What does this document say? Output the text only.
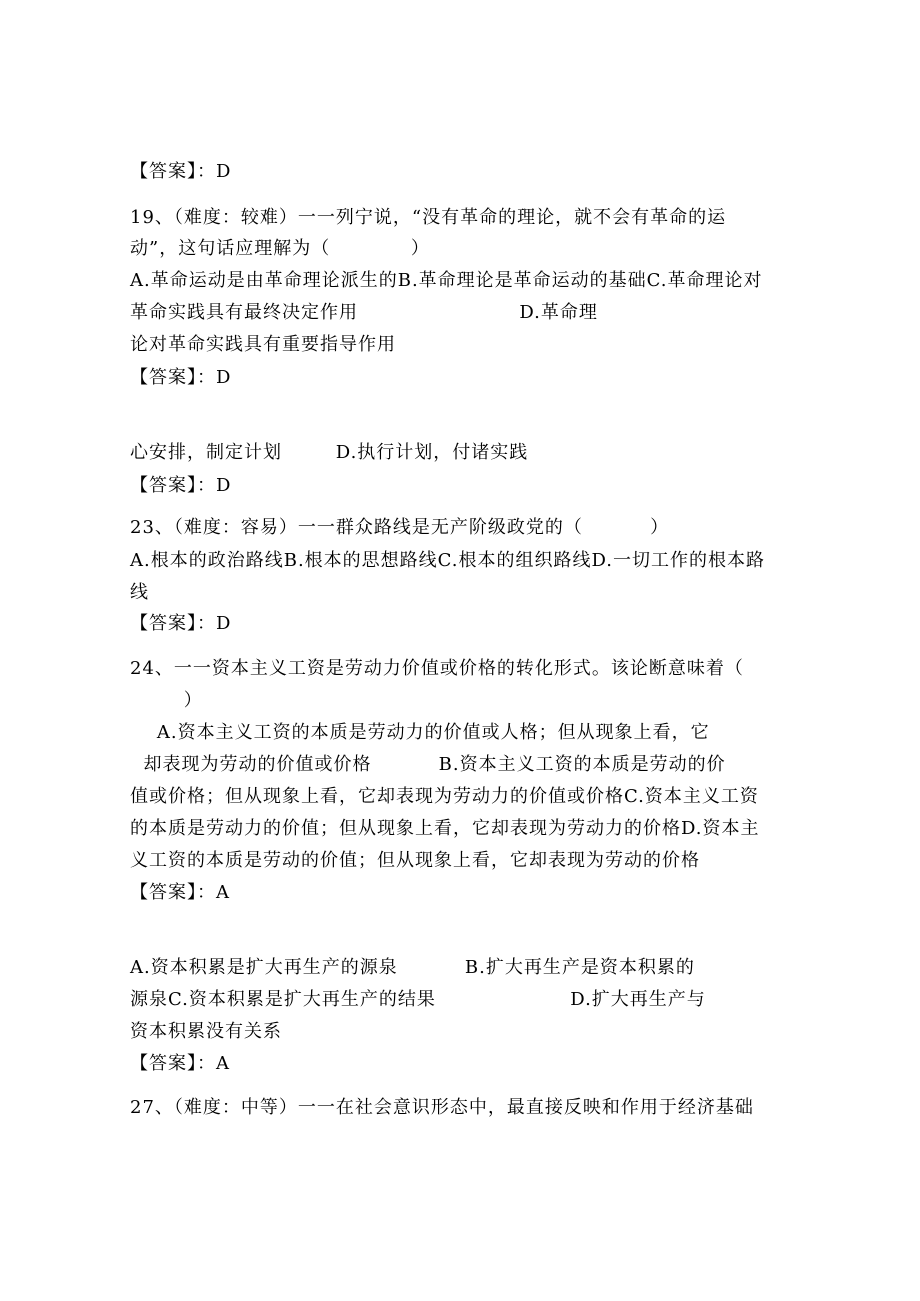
【答案】：D
19、（难度：较难）一一列宁说，“没有革命的理论，就不会有革命的运
动”，这句话应理解为（            ）
A.革命运动是由革命理论派生的B.革命理论是革命运动的基础C.革命理论对
革命实践具有最终决定作用                        D.革命理
论对革命实践具有重要指导作用
【答案】：D
心安排，制定计划        D.执行计划，付诸实践
【答案】：D
23、（难度：容易）一一群众路线是无产阶级政党的（          ）
A.根本的政治路线B.根本的思想路线C.根本的组织路线D.一切工作的根本路
线
【答案】：D
24、一一资本主义工资是劳动力价值或价格的转化形式。该论断意味着（
）
A.资本主义工资的本质是劳动力的价值或人格；但从现象上看，它
却表现为劳动的价值或价格          B.资本主义工资的本质是劳动的价
值或价格；但从现象上看，它却表现为劳动力的价值或价格C.资本主义工资
的本质是劳动力的价值；但从现象上看，它却表现为劳动力的价格D.资本主
义工资的本质是劳动的价值；但从现象上看，它却表现为劳动的价格
【答案】：A
A.资本积累是扩大再生产的源泉          B.扩大再生产是资本积累的
源泉C.资本积累是扩大再生产的结果                    D.扩大再生产与
资本积累没有关系
【答案】：A
27、（难度：中等）一一在社会意识形态中，最直接反映和作用于经济基础
